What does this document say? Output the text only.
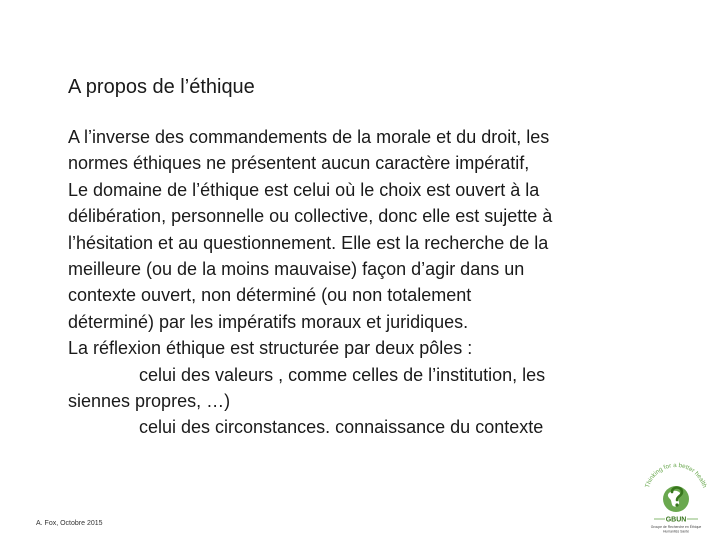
A propos de l’éthique
A l’inverse des commandements de la morale et du droit, les
normes éthiques ne présentent aucun caractère impératif,
Le domaine de l’éthique est celui où le choix est ouvert à la
délibération, personnelle ou collective, donc elle est sujette à
l’hésitation et au questionnement. Elle est la recherche de la
meilleure (ou de la moins mauvaise) façon d’agir dans un
contexte ouvert, non déterminé (ou non totalement
déterminé) par les impératifs moraux et juridiques.
La réflexion éthique est structurée par deux pôles :
celui des valeurs , comme celles de l’institution, les
siennes propres, …)
celui des circonstances. connaissance du contexte
A. Fox, Octobre 2015
Thinking for a better health
GBUN
Groupe de Recherche en Éthique
Humanités Santé
